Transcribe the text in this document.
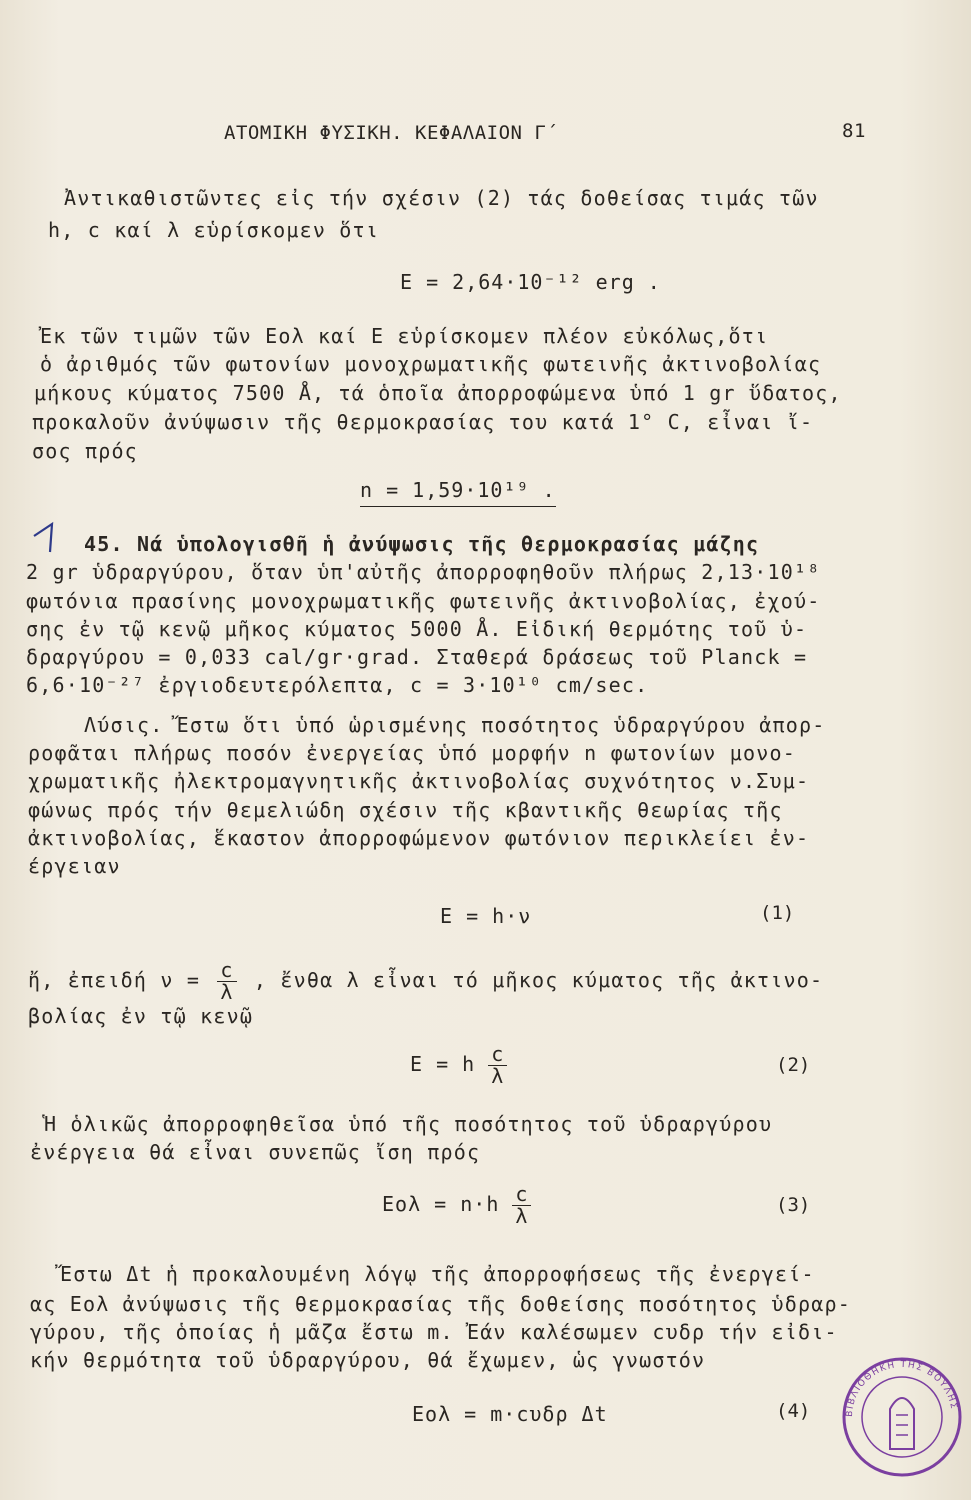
ΑΤΟΜΙΚΗ ΦΥΣΙΚΗ. ΚΕΦΑΛΑΙΟΝ Γ΄	81
Ἀντικαθιστῶντες εἰς τήν σχέσιν (2) τάς δοθείσας τιμάς τῶν
h, c καί λ εὑρίσκομεν ὅτι
E = 2,64·10⁻¹² erg .
Ἐκ τῶν τιμῶν τῶν Eολ καί E εὑρίσκομεν πλέον εὐκόλως,ὅτι
ὁ ἀριθμός τῶν φωτονίων μονοχρωματικῆς φωτεινῆς ἀκτινοβολίας
μήκους κύματος 7500 Å, τά ὁποῖα ἀπορροφώμενα ὑπό 1 gr ὕδατος,
προκαλοῦν ἀνύψωσιν τῆς θερμοκρασίας του κατά 1° C, εἶναι ἴ-
σος πρός
n = 1,59·10¹⁹ .
45. Νά ὑπολογισθῆ ἡ ἀνύψωσις τῆς θερμοκρασίας μάζης
2 gr ὑδραργύρου, ὅταν ὑπ'αὐτῆς ἀπορροφηθοῦν πλήρως 2,13·10¹⁸
φωτόνια πρασίνης μονοχρωματικῆς φωτεινῆς ἀκτινοβολίας, ἐχού-
σης ἐν τῷ κενῷ μῆκος κύματος 5000 Å. Εἰδική θερμότης τοῦ ὑ-
δραργύρου = 0,033 cal/gr·grad. Σταθερά δράσεως τοῦ Planck =
6,6·10⁻²⁷ ἐργιοδευτερόλεπτα, c = 3·10¹⁰ cm/sec.
Λύσις. Ἔστω ὅτι ὑπό ὡρισμένης ποσότητος ὑδραργύρου ἀπορ-
ροφᾶται πλήρως ποσόν ἐνεργείας ὑπό μορφήν n φωτονίων μονο-
χρωματικῆς ἠλεκτρομαγνητικῆς ἀκτινοβολίας συχνότητος ν.Συμ-
φώνως πρός τήν θεμελιώδη σχέσιν τῆς κβαντικῆς θεωρίας τῆς
ἀκτινοβολίας, ἕκαστον ἀπορροφώμενον φωτόνιον περικλείει ἐν-
έργειαν
E = h·ν	(1)
ἤ, ἐπειδή $\nu = \frac{c}{\lambda}$ , ἔνθα λ εἶναι τό μῆκος κύματος τῆς ἀκτινο-
βολίας ἐν τῷ κενῷ
E = h $\frac{c}{\lambda}$	(2)
Ἡ ὁλικῶς ἀπορροφηθεῖσα ὑπό τῆς ποσότητος τοῦ ὑδραργύρου
ἐνέργεια θά εἶναι συνεπῶς ἴση πρός
$Eo\lambda = n\cdot h \frac{c}{\lambda}$	(3)
Ἔστω Δt ἡ προκαλουμένη λόγῳ τῆς ἀπορροφήσεως τῆς ἐνεργεί-
ας Eολ ἀνύψωσις τῆς θερμοκρασίας τῆς δοθείσης ποσότητος ὑδραρ-
γύρου, τῆς ὁποίας ἡ μᾶζα ἔστω m. Ἐάν καλέσωμεν cυδρ τήν εἰδι-
κήν θερμότητα τοῦ ὑδραργύρου, θά ἔχωμεν, ὡς γνωστόν
Eολ = m·cυδρ Δt	(4)	ΒΙΒΛΙΟΘΗΚΗ ΤΗΣ ΒΟΥΛΗΣ
